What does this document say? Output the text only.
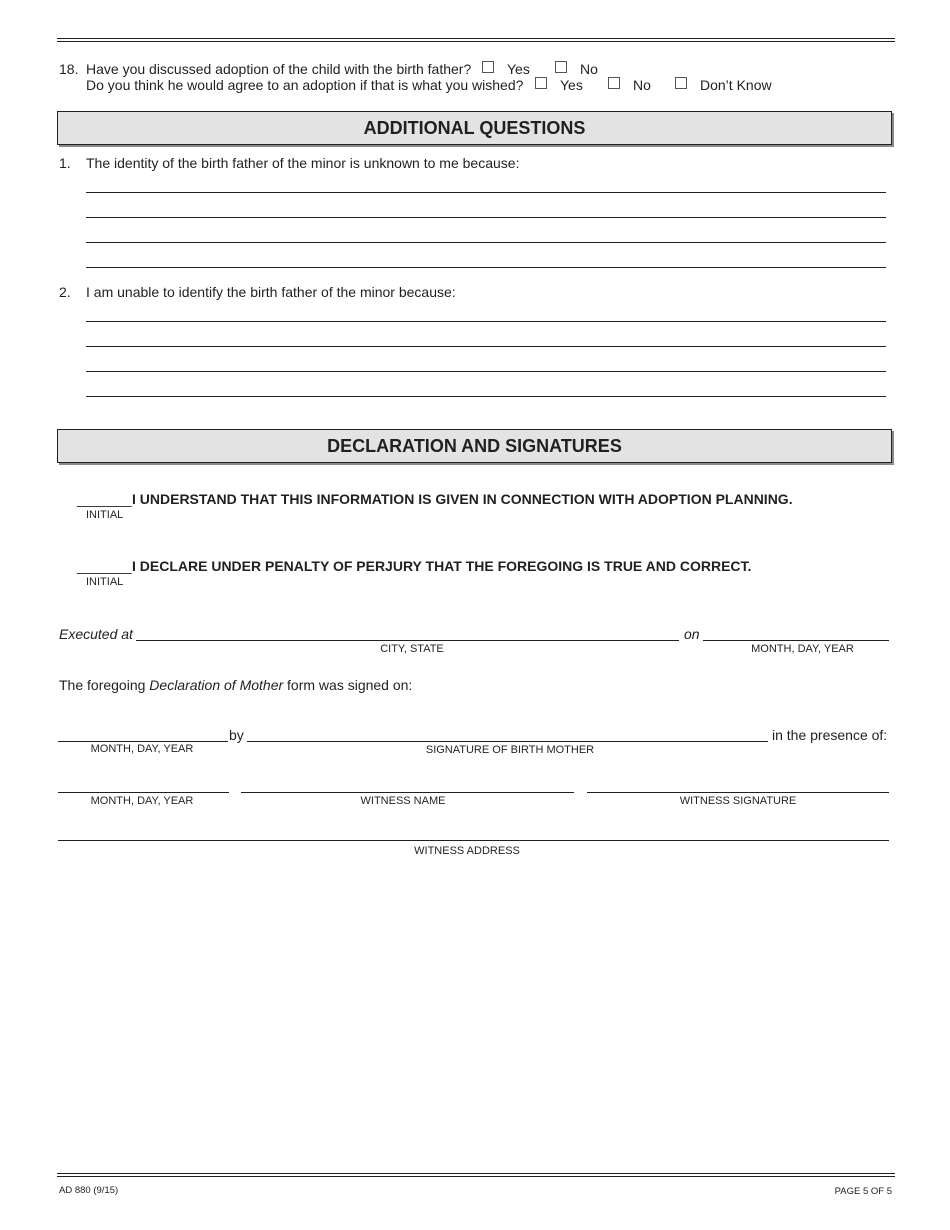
18. Have you discussed adoption of the child with the birth father?	Yes	No
Do you think he would agree to an adoption if that is what you wished?	Yes	No	Don’t Know
ADDITIONAL QUESTIONS
1. The identity of the birth father of the minor is unknown to me because:
2. I am unable to identify the birth father of the minor because:
DECLARATION AND SIGNATURES
_______ I UNDERSTAND THAT THIS INFORMATION IS GIVEN IN CONNECTION WITH ADOPTION PLANNING.
INITIAL
_______ I DECLARE UNDER PENALTY OF PERJURY THAT THE FOREGOING IS TRUE AND CORRECT.
INITIAL
Executed at
CITY, STATE
on
MONTH, DAY, YEAR
The foregoing Declaration of Mother form was signed on:
MONTH, DAY, YEAR
by
SIGNATURE OF BIRTH MOTHER
in the presence of:
MONTH, DAY, YEAR	WITNESS NAME	WITNESS SIGNATURE
WITNESS ADDRESS
AD 880 (9/15)	PAGE 5 OF 5
